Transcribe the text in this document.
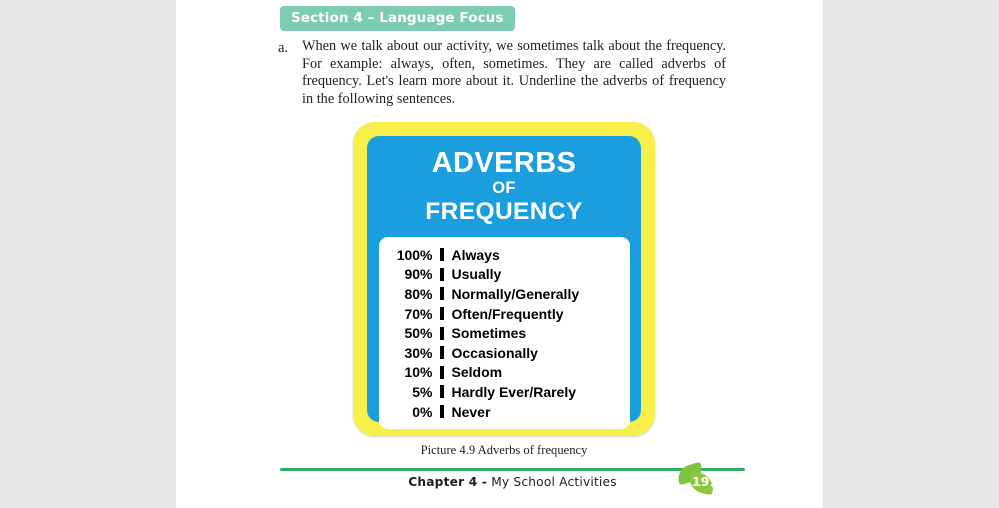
Section 4 – Language Focus
a. When we talk about our activity, we sometimes talk about the frequency. For example: always, often, sometimes. They are called adverbs of frequency. Let's learn more about it. Underline the adverbs of frequency in the following sentences.
ADVERBS
OF
FREQUENCY
100%	Always
90%	Usually
80%	Normally/Generally
70%	Often/Frequently
50%	Sometimes
30%	Occasionally
10%	Seldom
5%	Hardly Ever/Rarely
0%	Never
Picture 4.9 Adverbs of frequency
Chapter 4 - My School Activities	191
